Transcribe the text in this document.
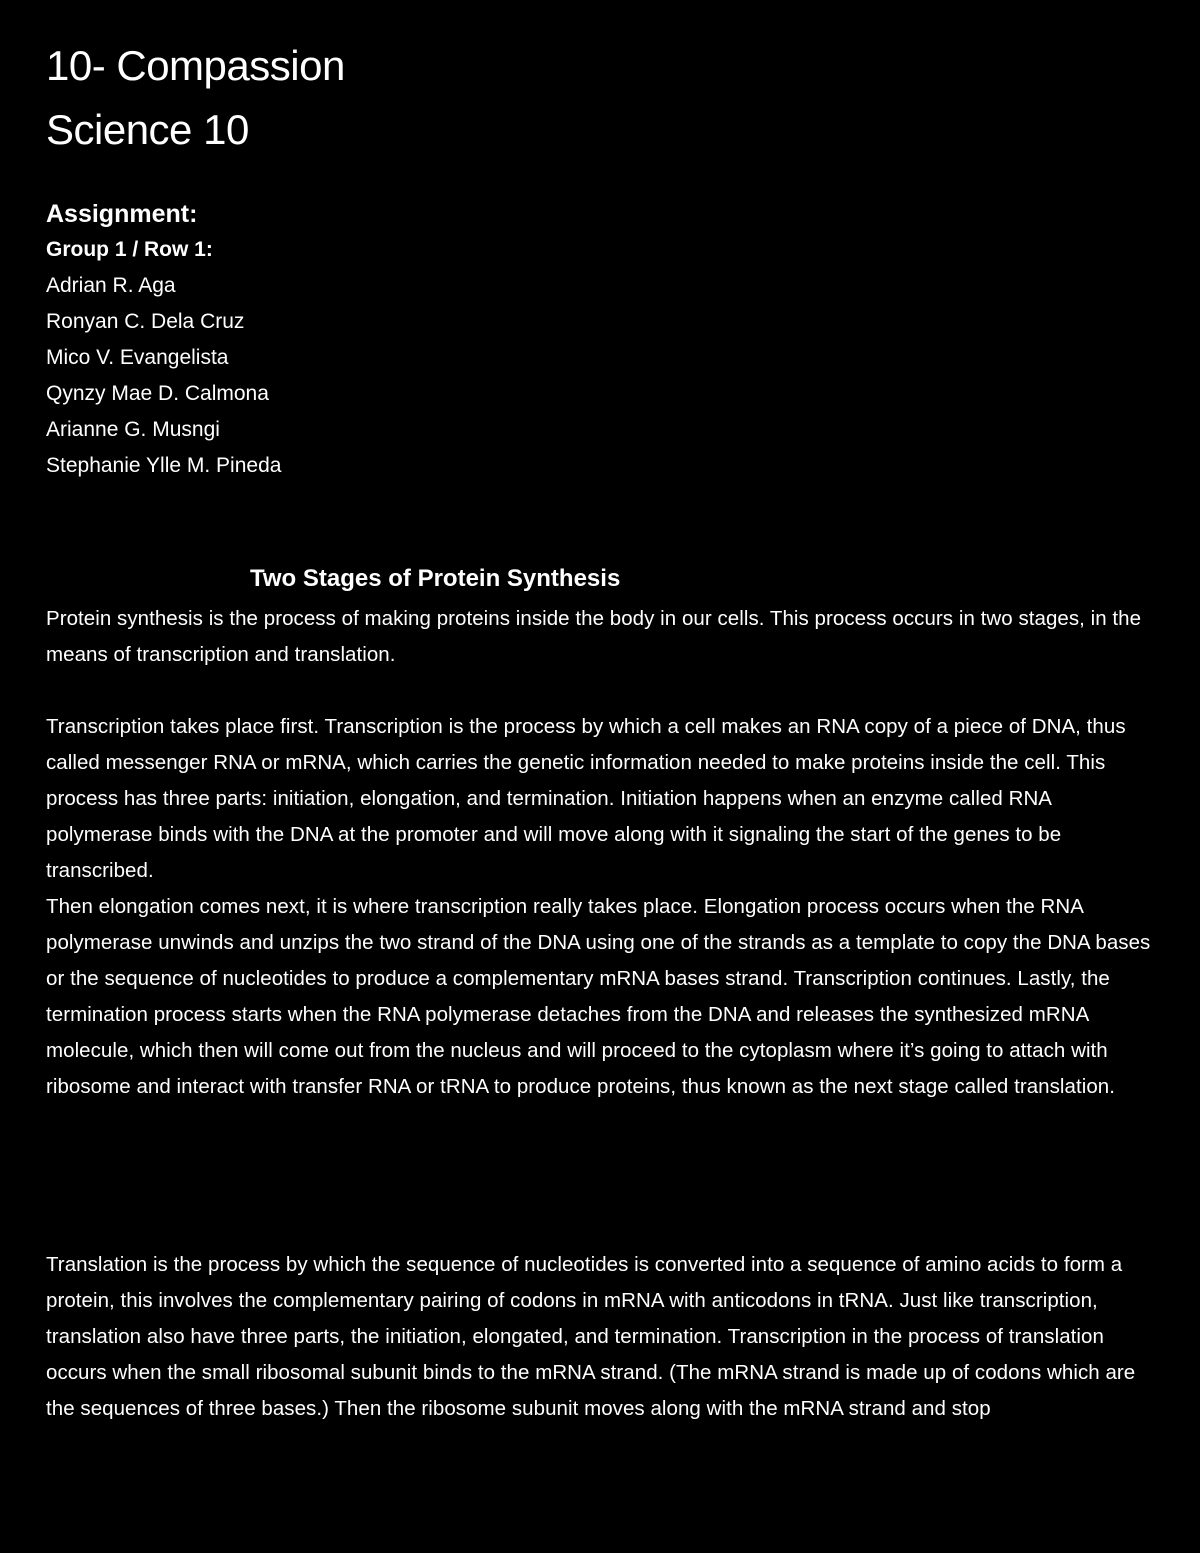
10- Compassion

Science 10

Assignment:

Group 1 / Row 1:

Adrian R. Aga

Ronyan C. Dela Cruz

Mico V. Evangelista

Qynzy Mae D. Calmona

Arianne G. Musngi

Stephanie Ylle M. Pineda

Two Stages of Protein Synthesis

Protein synthesis is the process of making proteins inside the body in our cells. This process occurs in two stages, in the means of transcription and translation.

Transcription takes place first. Transcription is the process by which a cell makes an RNA copy of a piece of DNA, thus called messenger RNA or mRNA, which carries the genetic information needed to make proteins inside the cell. This process has three parts: initiation, elongation, and termination. Initiation happens when an enzyme called RNA polymerase binds with the DNA at the promoter and will move along with it signaling the start of the genes to be transcribed.

Then elongation comes next, it is where transcription really takes place. Elongation process occurs when the RNA polymerase unwinds and unzips the two strand of the DNA using one of the strands as a template to copy the DNA bases or the sequence of nucleotides to produce a complementary mRNA bases strand. Transcription continues. Lastly, the termination process starts when the RNA polymerase detaches from the DNA and releases the synthesized mRNA molecule, which then will come out from the nucleus and will proceed to the cytoplasm where it’s going to attach with ribosome and interact with transfer RNA or tRNA to produce proteins, thus known as the next stage called translation.

Translation is the process by which the sequence of nucleotides is converted into a sequence of amino acids to form a protein, this involves the complementary pairing of codons in mRNA with anticodons in tRNA. Just like transcription, translation also have three parts, the initiation, elongated, and termination. Transcription in the process of translation occurs when the small ribosomal subunit binds to the mRNA strand. (The mRNA strand is made up of codons which are the sequences of three bases.) Then the ribosome subunit moves along with the mRNA strand and stop
